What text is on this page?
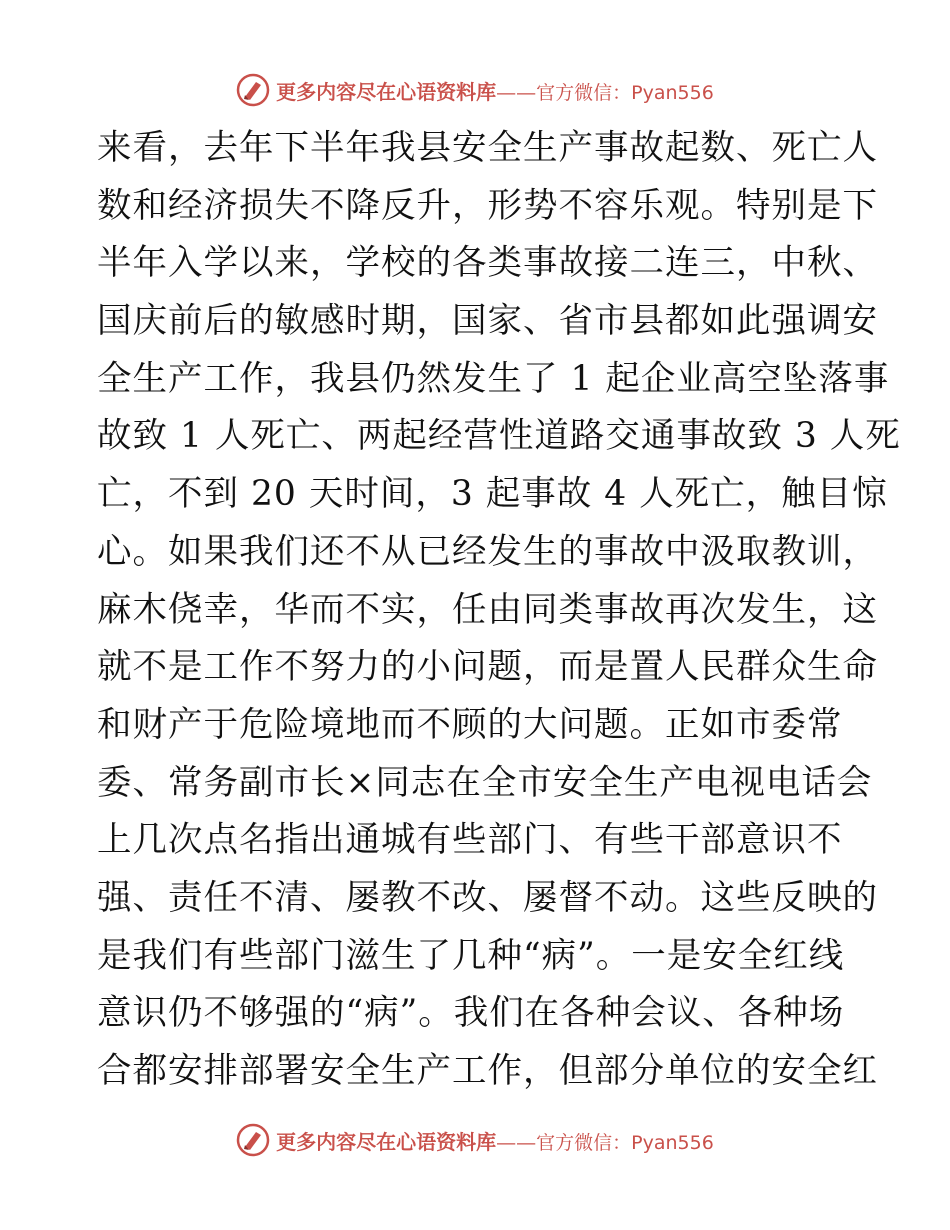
更多内容尽在心语资料库——官方微信：Pyan556
来看，去年下半年我县安全生产事故起数、死亡人
数和经济损失不降反升，形势不容乐观。特别是下
半年入学以来，学校的各类事故接二连三，中秋、
国庆前后的敏感时期，国家、省市县都如此强调安
全生产工作，我县仍然发生了 1 起企业高空坠落事
故致 1 人死亡、两起经营性道路交通事故致 3 人死
亡，不到 20 天时间，3 起事故 4 人死亡，触目惊
心。如果我们还不从已经发生的事故中汲取教训，
麻木侥幸，华而不实，任由同类事故再次发生，这
就不是工作不努力的小问题，而是置人民群众生命
和财产于危险境地而不顾的大问题。正如市委常
委、常务副市长×同志在全市安全生产电视电话会
上几次点名指出通城有些部门、有些干部意识不
强、责任不清、屡教不改、屡督不动。这些反映的
是我们有些部门滋生了几种“病”。一是安全红线
意识仍不够强的“病”。我们在各种会议、各种场
合都安排部署安全生产工作，但部分单位的安全红
更多内容尽在心语资料库——官方微信：Pyan556
